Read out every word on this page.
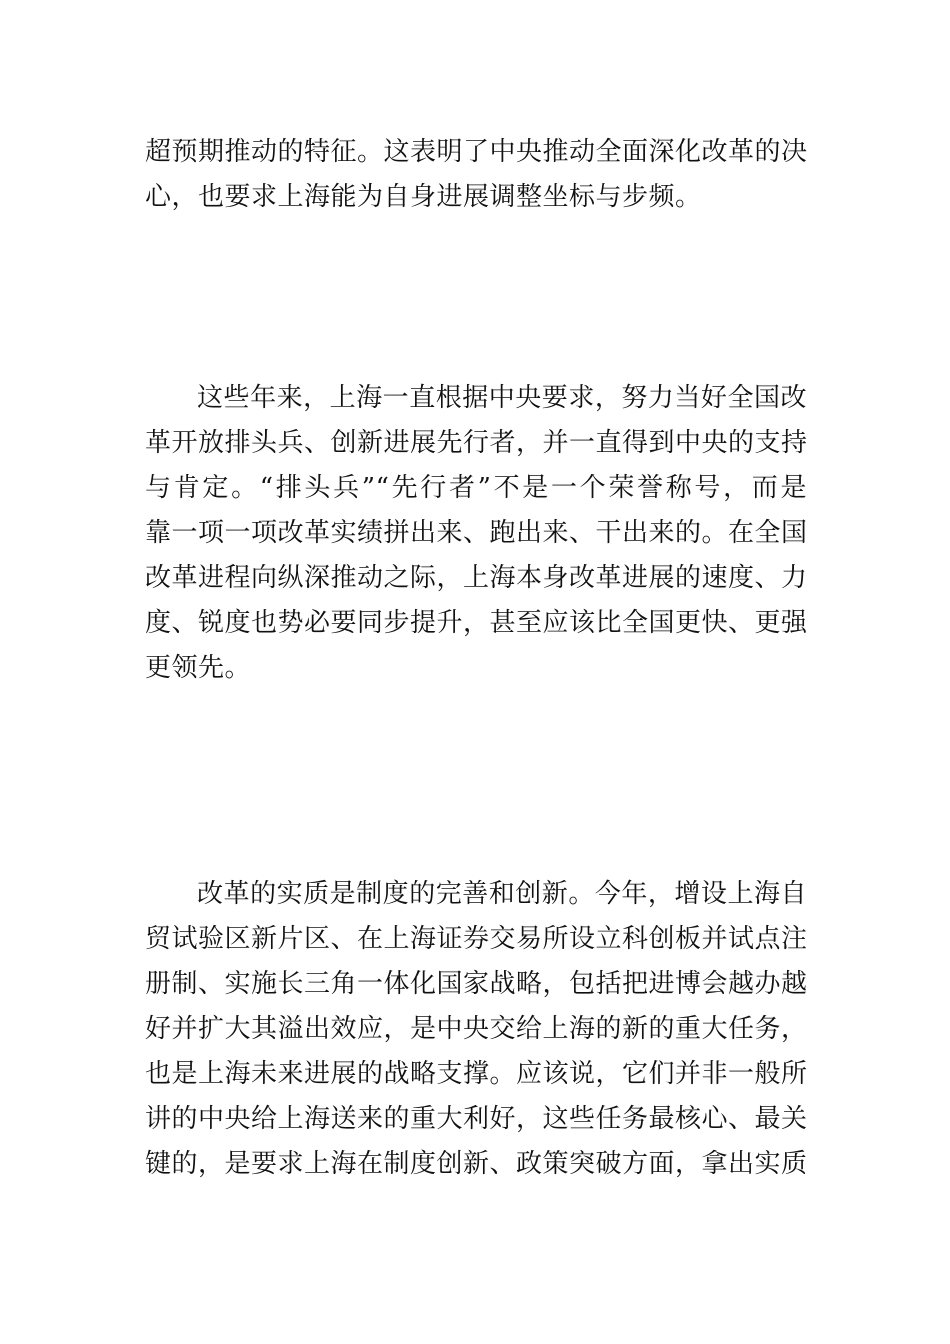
超预期推动的特征。这表明了中央推动全面深化改革的决
心，也要求上海能为自身进展调整坐标与步频。
这些年来，上海一直根据中央要求，努力当好全国改
革开放排头兵、创新进展先行者，并一直得到中央的支持
与肯定。“排头兵”“先行者”不是一个荣誉称号，而是
靠一项一项改革实绩拼出来、跑出来、干出来的。在全国
改革进程向纵深推动之际，上海本身改革进展的速度、力
度、锐度也势必要同步提升，甚至应该比全国更快、更强
更领先。
改革的实质是制度的完善和创新。今年，增设上海自
贸试验区新片区、在上海证券交易所设立科创板并试点注
册制、实施长三角一体化国家战略，包括把进博会越办越
好并扩大其溢出效应，是中央交给上海的新的重大任务，
也是上海未来进展的战略支撑。应该说，它们并非一般所
讲的中央给上海送来的重大利好，这些任务最核心、最关
键的，是要求上海在制度创新、政策突破方面，拿出实质
